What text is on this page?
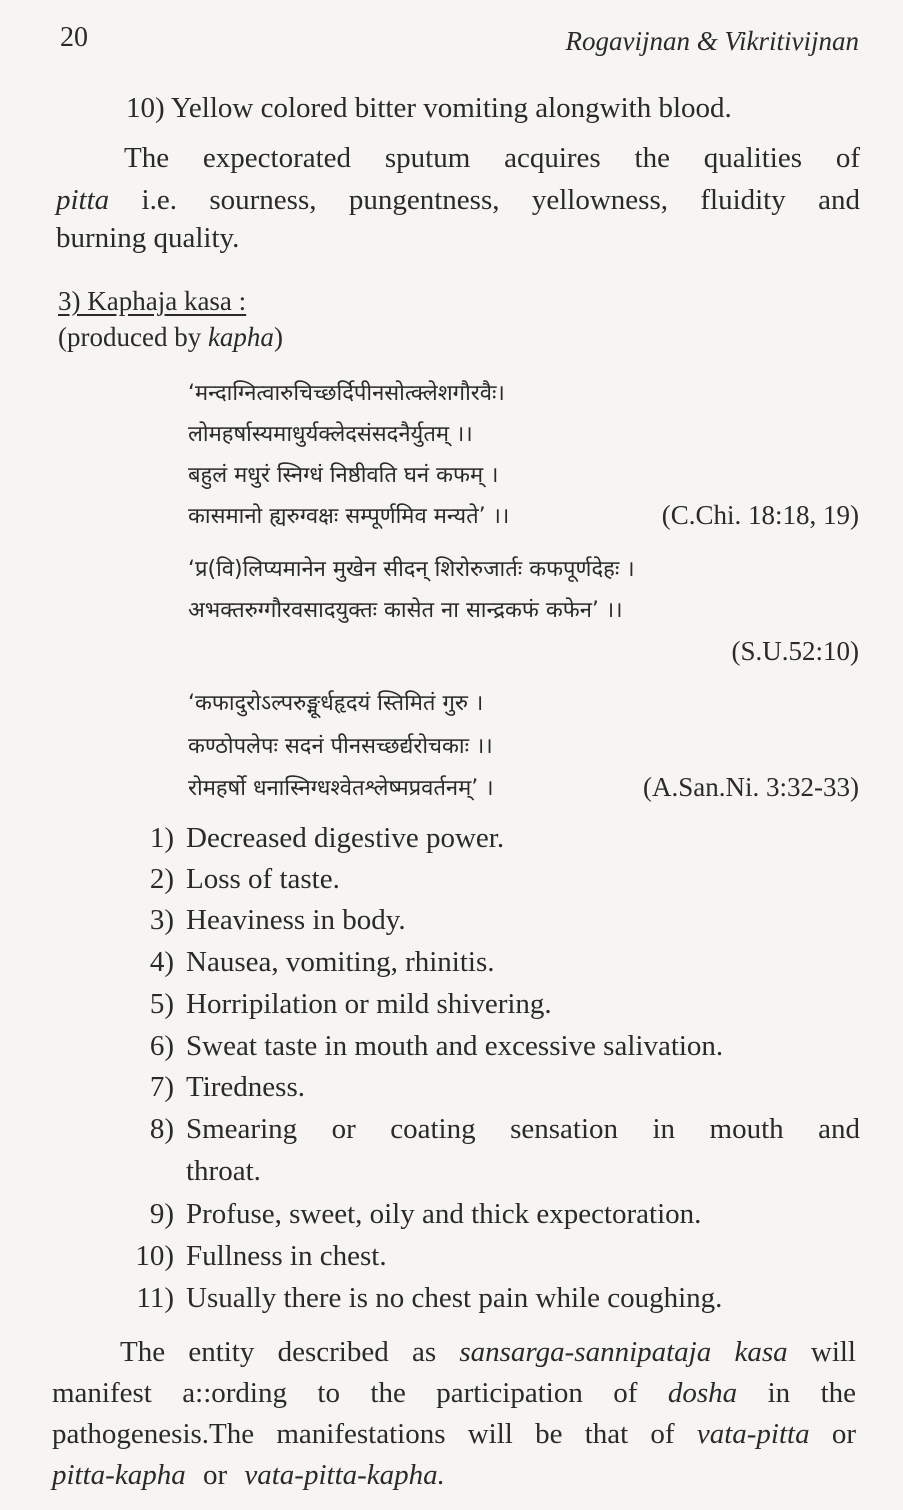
20	Rogavijnan & Vikritivijnan
10) Yellow colored bitter vomiting alongwith blood.
The expectorated sputum acquires the qualities of
pitta i.e. sourness, pungentness, yellowness, fluidity and
burning quality.
3) Kaphaja kasa :
(produced by kapha)
‘मन्दाग्नित्वारुचिच्छर्दिपीनसोत्क्लेशगौरवैः।
लोमहर्षास्यमाधुर्यक्लेदसंसदनैर्युतम् ।।
बहुलं मधुरं स्निग्धं निष्ठीवति घनं कफम् ।
कासमानो ह्यरुग्वक्षः सम्पूर्णमिव मन्यते’ ।।	(C.Chi. 18:18, 19)
‘प्र(वि)लिप्यमानेन मुखेन सीदन् शिरोरुजार्तः कफपूर्णदेहः ।
अभक्तरुग्गौरवसादयुक्तः कासेत ना सान्द्रकफं कफेन’ ।।
(S.U.52:10)
‘कफादुरोऽल्परुङ्मूर्धहृदयं स्तिमितं गुरु ।
कण्ठोपलेपः सदनं पीनसच्छर्द्यरोचकाः ।।
रोमहर्षो धनास्निग्धश्वेतश्लेष्मप्रवर्तनम्’ ।	(A.San.Ni. 3:32-33)
1) Decreased digestive power.
2) Loss of taste.
3) Heaviness in body.
4) Nausea, vomiting, rhinitis.
5) Horripilation or mild shivering.
6) Sweat taste in mouth and excessive salivation.
7) Tiredness.
8) Smearing or coating sensation in mouth and
throat.
9) Profuse, sweet, oily and thick expectoration.
10) Fullness in chest.
11) Usually there is no chest pain while coughing.
The entity described as sansarga-sannipataja kasa will
manifest a::ording to the participation of dosha in the
pathogenesis.The manifestations will be that of vata-pitta or
pitta-kapha or vata-pitta-kapha.
